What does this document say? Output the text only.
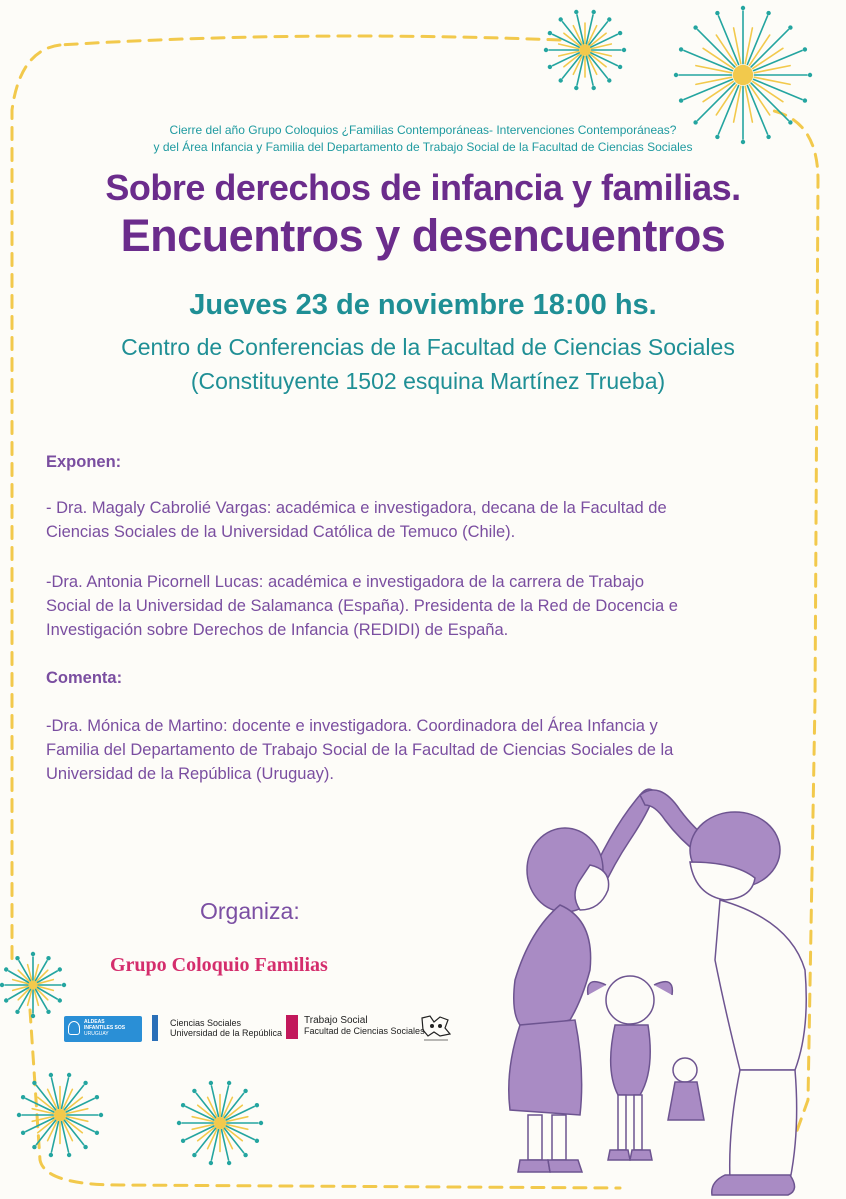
Cierre del año Grupo Coloquios ¿Familias Contemporáneas- Intervenciones Contemporáneas?
y del Área Infancia y Familia del Departamento de Trabajo Social de la Facultad de Ciencias Sociales
Sobre derechos de infancia y familias.
Encuentros y desencuentros
Jueves 23 de noviembre 18:00 hs.
Centro de Conferencias de la Facultad de Ciencias Sociales
(Constituyente 1502 esquina Martínez Trueba)
Exponen:
- Dra. Magaly Cabrolié Vargas: académica e investigadora, decana de la Facultad de
Ciencias Sociales de la Universidad Católica de Temuco (Chile).
-Dra. Antonia Picornell Lucas: académica e investigadora de la carrera de Trabajo
Social de la Universidad de Salamanca (España). Presidenta de la Red de Docencia e
Investigación sobre Derechos de Infancia (REDIDI) de España.
Comenta:
-Dra. Mónica de Martino: docente e investigadora. Coordinadora del Área Infancia y
Familia del Departamento de Trabajo Social de la Facultad de Ciencias Sociales de la
Universidad de la República (Uruguay).
Organiza:
Grupo Coloquio Familias
ALDEAS
INFANTILES SOS
URUGUAY
Ciencias Sociales
Universidad de la República
Trabajo Social
Facultad de Ciencias Sociales
